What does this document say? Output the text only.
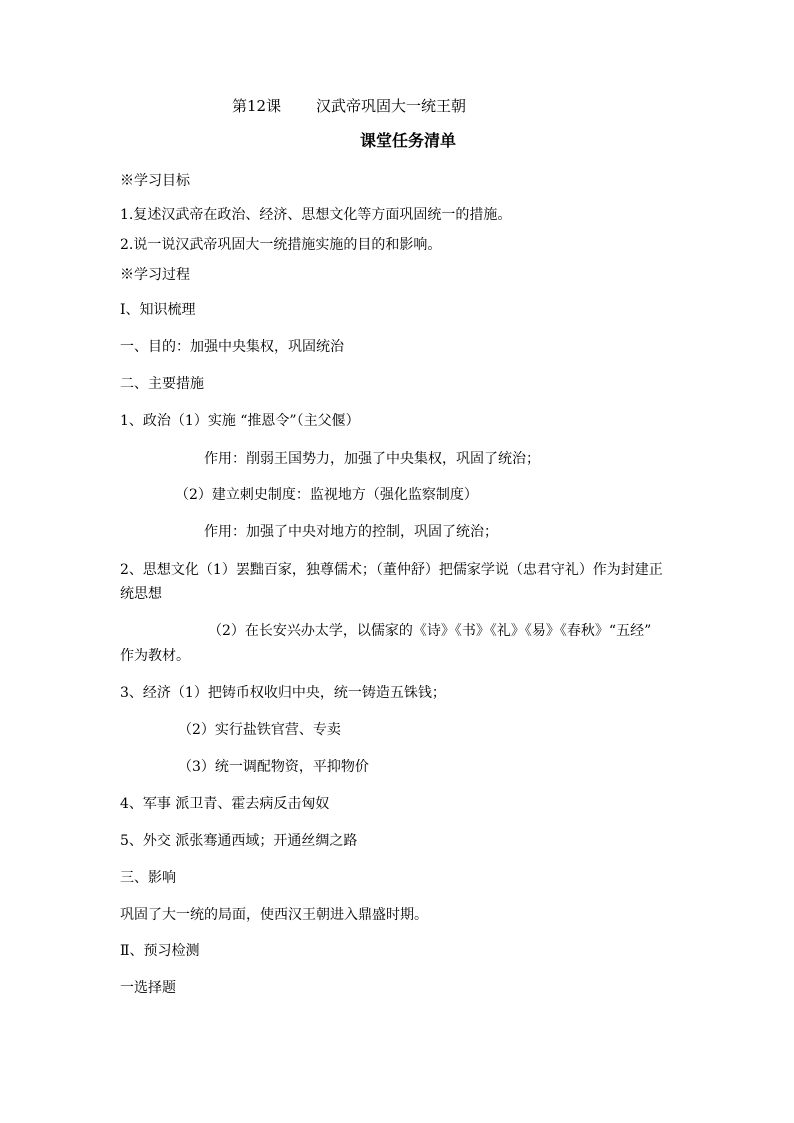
第12课 汉武帝巩固大一统王朝
课堂任务清单
※学习目标
1.复述汉武帝在政治、经济、思想文化等方面巩固统一的措施。
2.说一说汉武帝巩固大一统措施实施的目的和影响。
※学习过程
Ⅰ、知识梳理
一、目的：加强中央集权，巩固统治
二、主要措施
1、政治（1）实施 “推恩令”（主父偃）
作用：削弱王国势力，加强了中央集权，巩固了统治；
（2）建立刺史制度：监视地方（强化监察制度）
作用：加强了中央对地方的控制，巩固了统治；
2、思想文化（1）罢黜百家，独尊儒术；（董仲舒）把儒家学说（忠君守礼）作为封建正
统思想
（2）在长安兴办太学，以儒家的《诗》《书》《礼》《易》《春秋》“五经”
作为教材。
3、经济（1）把铸币权收归中央，统一铸造五铢钱；
（2）实行盐铁官营、专卖
（3）统一调配物资，平抑物价
4、军事 派卫青、霍去病反击匈奴
5、外交 派张骞通西域；开通丝绸之路
三、影响
巩固了大一统的局面，使西汉王朝进入鼎盛时期。
Ⅱ、预习检测
一选择题
